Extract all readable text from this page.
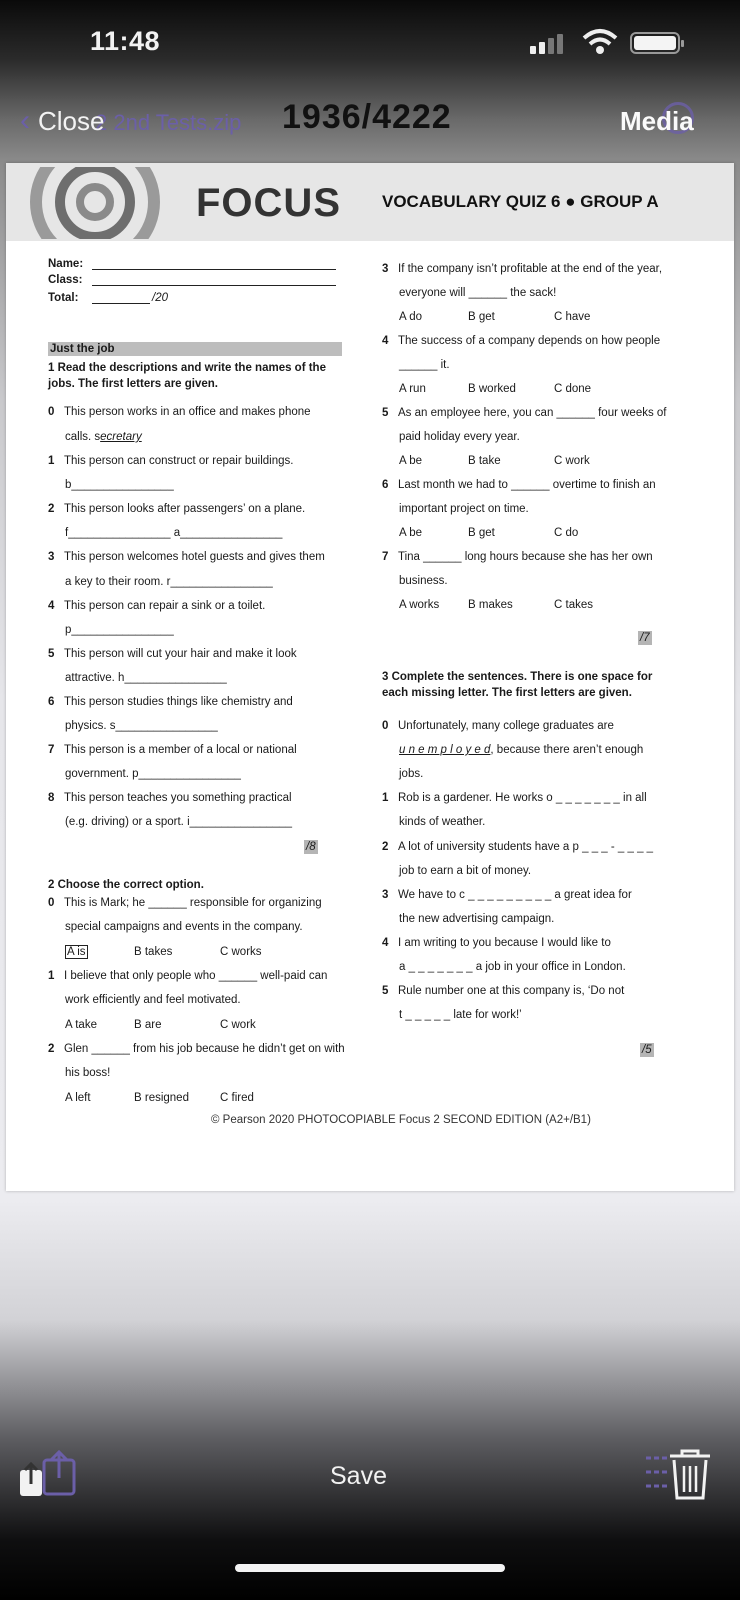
11:48
‹	2 2nd Tests.zip
Close	1936/4222	Media
FOCUS VOCABULARY QUIZ 6 ● GROUP A
Name:
Class:
Total:	/20
Just the job
1 Read the descriptions and write the names of the
jobs. The first letters are given.
0 This person works in an office and makes phone
calls. secretary
1 This person can construct or repair buildings.
b________________
2 This person looks after passengers’ on a plane.
f________________ a________________
3 This person welcomes hotel guests and gives them
a key to their room. r________________
4 This person can repair a sink or a toilet.
p________________
5 This person will cut your hair and make it look
attractive. h________________
6 This person studies things like chemistry and
physics. s________________
7 This person is a member of a local or national
government. p________________
8 This person teaches you something practical
(e.g. driving) or a sport. i________________
/8
2 Choose the correct option.
0 This is Mark; he ______ responsible for organizing
special campaigns and events in the company.
A is	B takes	C works
1 I believe that only people who ______ well-paid can
work efficiently and feel motivated.
A take	B are	C work
2 Glen ______ from his job because he didn’t get on with
his boss!
A left	B resigned	C fired
3 If the company isn’t profitable at the end of the year,
everyone will ______ the sack!
A do	B get	C have
4 The success of a company depends on how people
______ it.
A run	B worked	C done
5 As an employee here, you can ______ four weeks of
paid holiday every year.
A be	B take	C work
6 Last month we had to ______ overtime to finish an
important project on time.
A be	B get	C do
7 Tina ______ long hours because she has her own
business.
A works B makes	C takes
/7
3 Complete the sentences. There is one space for
each missing letter. The first letters are given.
0 Unfortunately, many college graduates are
u n e m p l o y e d, because there aren’t enough
jobs.
1 Rob is a gardener. He works o _ _ _ _ _ _ _ in all
kinds of weather.
2 A lot of university students have a p _ _ _ - _ _ _ _
job to earn a bit of money.
3 We have to c _ _ _ _ _ _ _ _ _ a great idea for
the new advertising campaign.
4 I am writing to you because I would like to
a _ _ _ _ _ _ _ a job in your office in London.
5 Rule number one at this company is, ‘Do not
t _ _ _ _ _ late for work!’
/5
© Pearson 2020 PHOTOCOPIABLE Focus 2 SECOND EDITION (A2+/B1)
Save
